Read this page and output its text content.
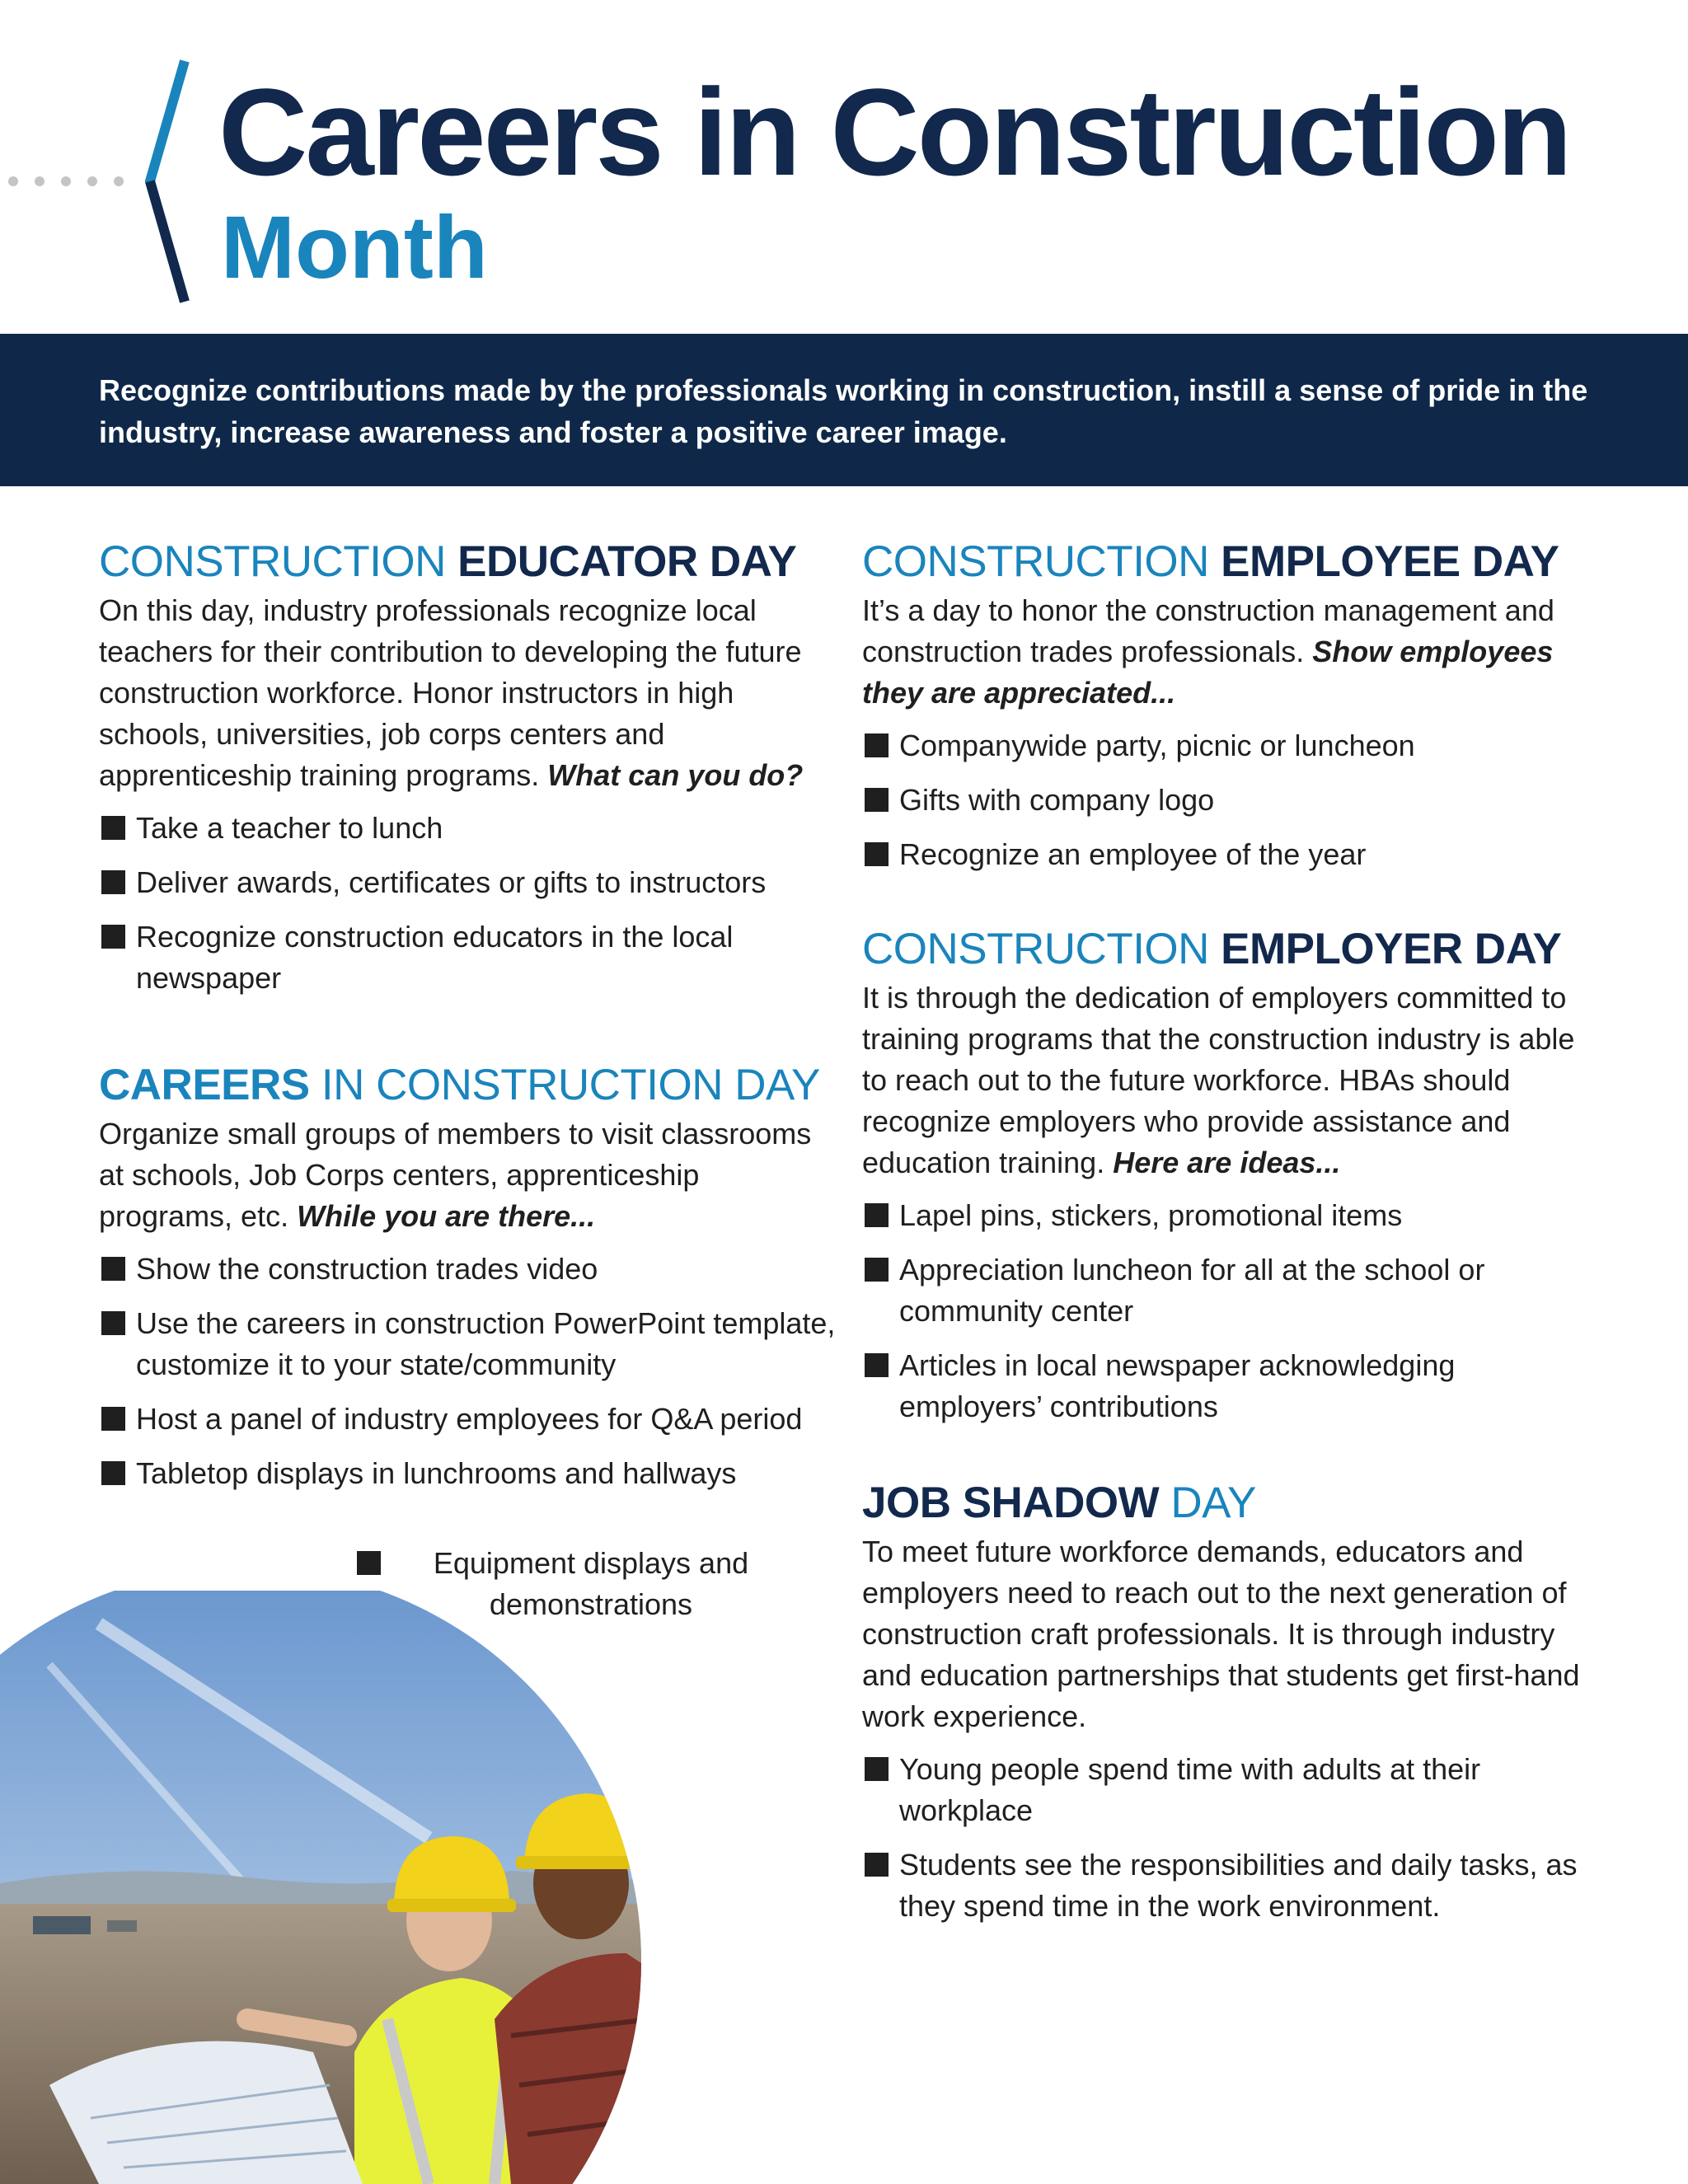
Careers in Construction
Month

Recognize contributions made by the professionals working in construction, instill a sense of pride in the industry, increase awareness and foster a positive career image.

CONSTRUCTION EDUCATOR DAY

On this day, industry professionals recognize local teachers for their contribution to developing the future construction workforce. Honor instructors in high schools, universities, job corps centers and apprenticeship training programs. What can you do?

Take a teacher to lunch
Deliver awards, certificates or gifts to instructors
Recognize construction educators in the local newspaper
CAREERS IN CONSTRUCTION DAY

Organize small groups of members to visit classrooms at schools, Job Corps centers, apprenticeship programs, etc. While you are there...

Show the construction trades video
Use the careers in construction PowerPoint template, customize it to your state/community
Host a panel of industry employees for Q&A period
Tabletop displays in lunchrooms and hallways
Equipment displays and demonstrations
CONSTRUCTION EMPLOYEE DAY

It’s a day to honor the construction management and construction trades professionals. Show employees they are appreciated...

Companywide party, picnic or luncheon
Gifts with company logo
Recognize an employee of the year
CONSTRUCTION EMPLOYER DAY

It is through the dedication of employers committed to training programs that the construction industry is able to reach out to the future workforce. HBAs should recognize employers who provide assistance and education training. Here are ideas...

Lapel pins, stickers, promotional items
Appreciation luncheon for all at the school or community center
Articles in local newspaper acknowledging employers’ contributions
JOB SHADOW DAY

To meet future workforce demands, educators and employers need to reach out to the next generation of construction craft professionals. It is through industry and education partnerships that students get first-hand work experience.

Young people spend time with adults at their workplace
Students see the responsibilities and daily tasks, as they spend time in the work environment.
